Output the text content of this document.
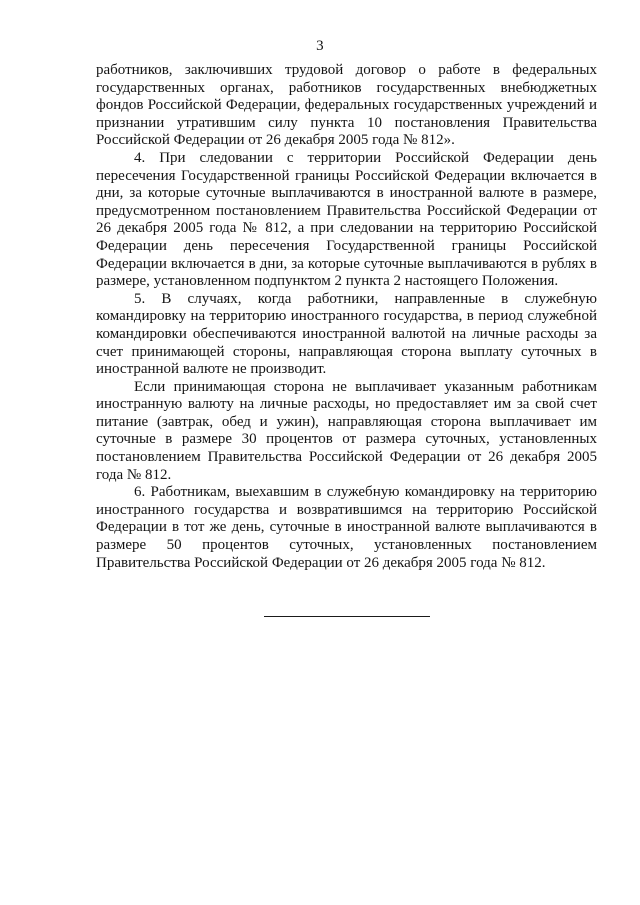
3

работников, заключивших трудовой договор о работе в федеральных государственных органах, работников государственных внебюджетных фондов Российской Федерации, федеральных государственных учреждений и признании утратившим силу пункта 10 постановления Правительства Российской Федерации от 26 декабря 2005 года № 812».

4. При следовании с территории Российской Федерации день пересечения Государственной границы Российской Федерации включается в дни, за которые суточные выплачиваются в иностранной валюте в размере, предусмотренном постановлением Правительства Российской Федерации от 26 декабря 2005 года № 812, а при следовании на территорию Российской Федерации день пересечения Государственной границы Российской Федерации включается в дни, за которые суточные выплачиваются в рублях в размере, установленном подпунктом 2 пункта 2 настоящего Положения.

5. В случаях, когда работники, направленные в служебную командировку на территорию иностранного государства, в период служебной командировки обеспечиваются иностранной валютой на личные расходы за счет принимающей стороны, направляющая сторона выплату суточных в иностранной валюте не производит.

Если принимающая сторона не выплачивает указанным работникам иностранную валюту на личные расходы, но предоставляет им за свой счет питание (завтрак, обед и ужин), направляющая сторона выплачивает им суточные в размере 30 процентов от размера суточных, установленных постановлением Правительства Российской Федерации от 26 декабря 2005 года № 812.

6. Работникам, выехавшим в служебную командировку на территорию иностранного государства и возвратившимся на территорию Российской Федерации в тот же день, суточные в иностранной валюте выплачиваются в размере 50 процентов суточных, установленных постановлением Правительства Российской Федерации от 26 декабря 2005 года № 812.
